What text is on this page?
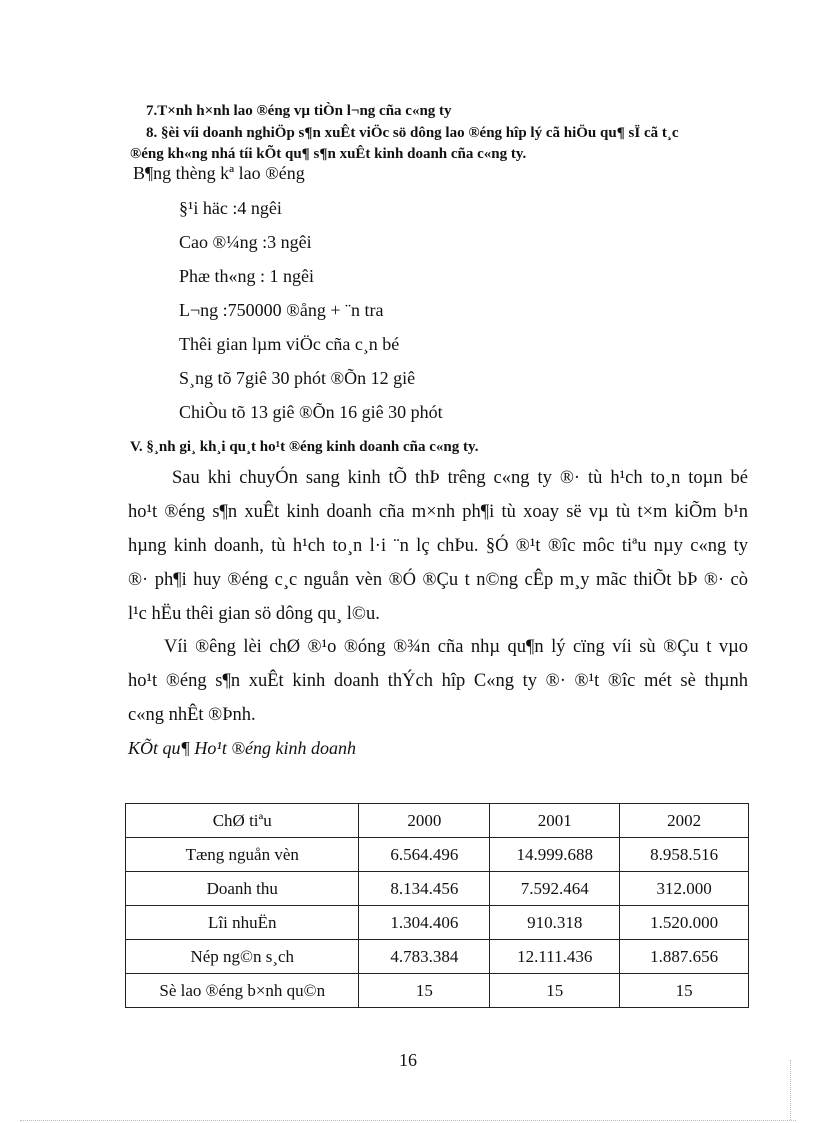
7.T×nh h×nh lao ®éng vµ tiÒn l¬ng cña c«ng ty
8. §èi víi doanh nghiÖp s¶n xuÊt viÖc sö dông lao ®éng hîp lý cã hiÖu qu¶ sÏ cã t¸c
®éng kh«ng nhá tíi kÕt qu¶ s¶n xuÊt kinh doanh cña c«ng ty.
B¶ng thèng kª lao ®éng
§¹i häc :4 ngêi
Cao ®¼ng :3 ngêi
Phæ th«ng : 1 ngêi
L¬ng :750000 ®ång + ¨n tra
Thêi gian lµm viÖc cña c¸n bé
S¸ng tõ 7giê 30 phót ®Õn 12 giê
ChiÒu tõ 13 giê ®Õn 16 giê 30 phót
V. §¸nh gi¸ kh¸i qu¸t ho¹t ®éng kinh doanh cña c«ng ty.
Sau khi chuyÓn sang kinh tÕ thÞ trêng c«ng ty ®· tù h¹ch to¸n toµn bé
ho¹t ®éng s¶n xuÊt kinh doanh cña m×nh ph¶i tù xoay së vµ tù t×m kiÕm b¹n
hµng kinh doanh, tù h¹ch to¸n l·i ¨n lç chÞu. §Ó ®¹t ®îc môc tiªu nµy c«ng ty
®· ph¶i huy ®éng c¸c nguån vèn ®Ó ®Çu t n©ng cÊp m¸y mãc thiÕt bÞ ®· cò
l¹c hËu thêi gian sö dông qu¸ l©u.
Víi ®êng lèi chØ ®¹o ®óng ®¾n cña nhµ qu¶n lý cïng víi sù ®Çu t vµo
ho¹t ®éng s¶n xuÊt kinh doanh thÝch hîp C«ng ty ®· ®¹t ®îc mét sè thµnh
c«ng nhÊt ®Þnh.
KÕt qu¶ Ho¹t ®éng kinh doanh
ChØ tiªu	2000	2001	2002
Tæng nguån vèn	6.564.496	14.999.688	8.958.516
Doanh thu	8.134.456	7.592.464	312.000
Lîi nhuËn	1.304.406	910.318	1.520.000
Nép ng©n s¸ch	4.783.384	12.111.436	1.887.656
Sè lao ®éng b×nh qu©n	15	15	15
16
